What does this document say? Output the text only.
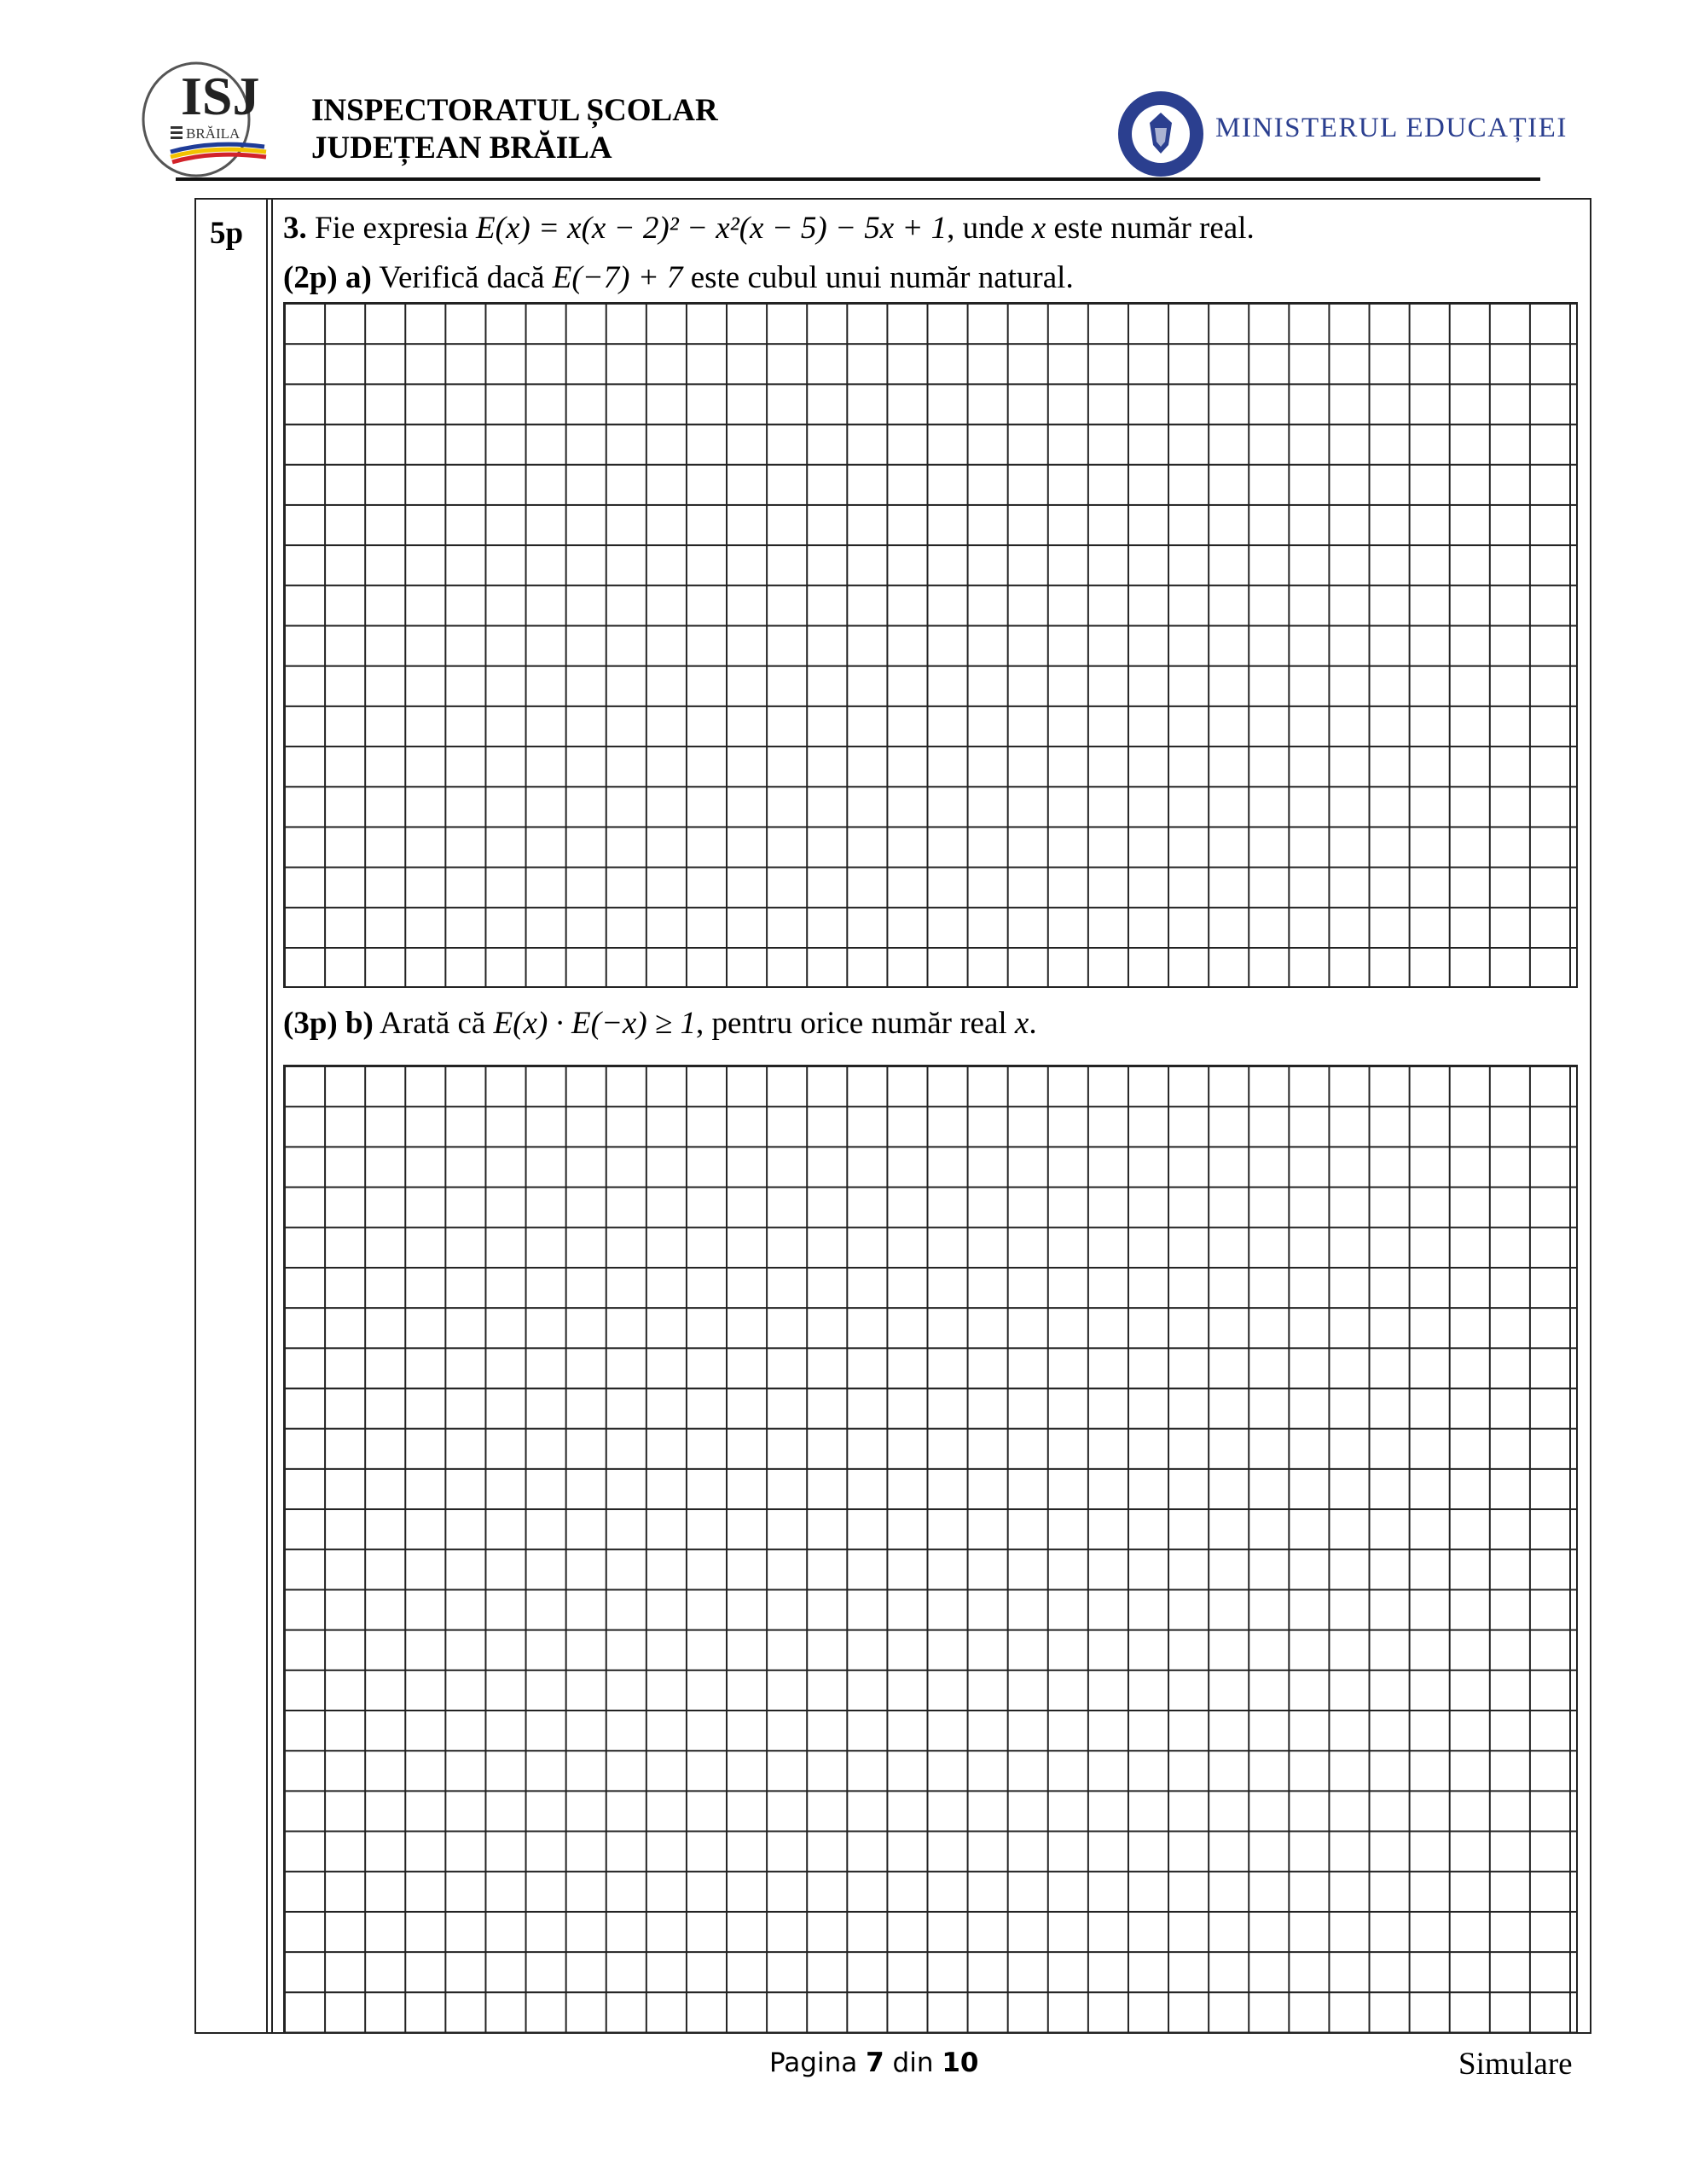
ISJ
BRĂILA
INSPECTORATUL ȘCOLAR
JUDEȚEAN BRĂILA
MINISTERUL EDUCAȚIEI
5p 3. Fie expresia E(x) = x(x − 2)² − x²(x − 5) − 5x + 1, unde x este număr real.
(2p) a) Verifică dacă E(−7) + 7 este cubul unui număr natural.
(3p) b) Arată că E(x) · E(−x) ≥ 1, pentru orice număr real x.
Pagina 7 din 10	Simulare
